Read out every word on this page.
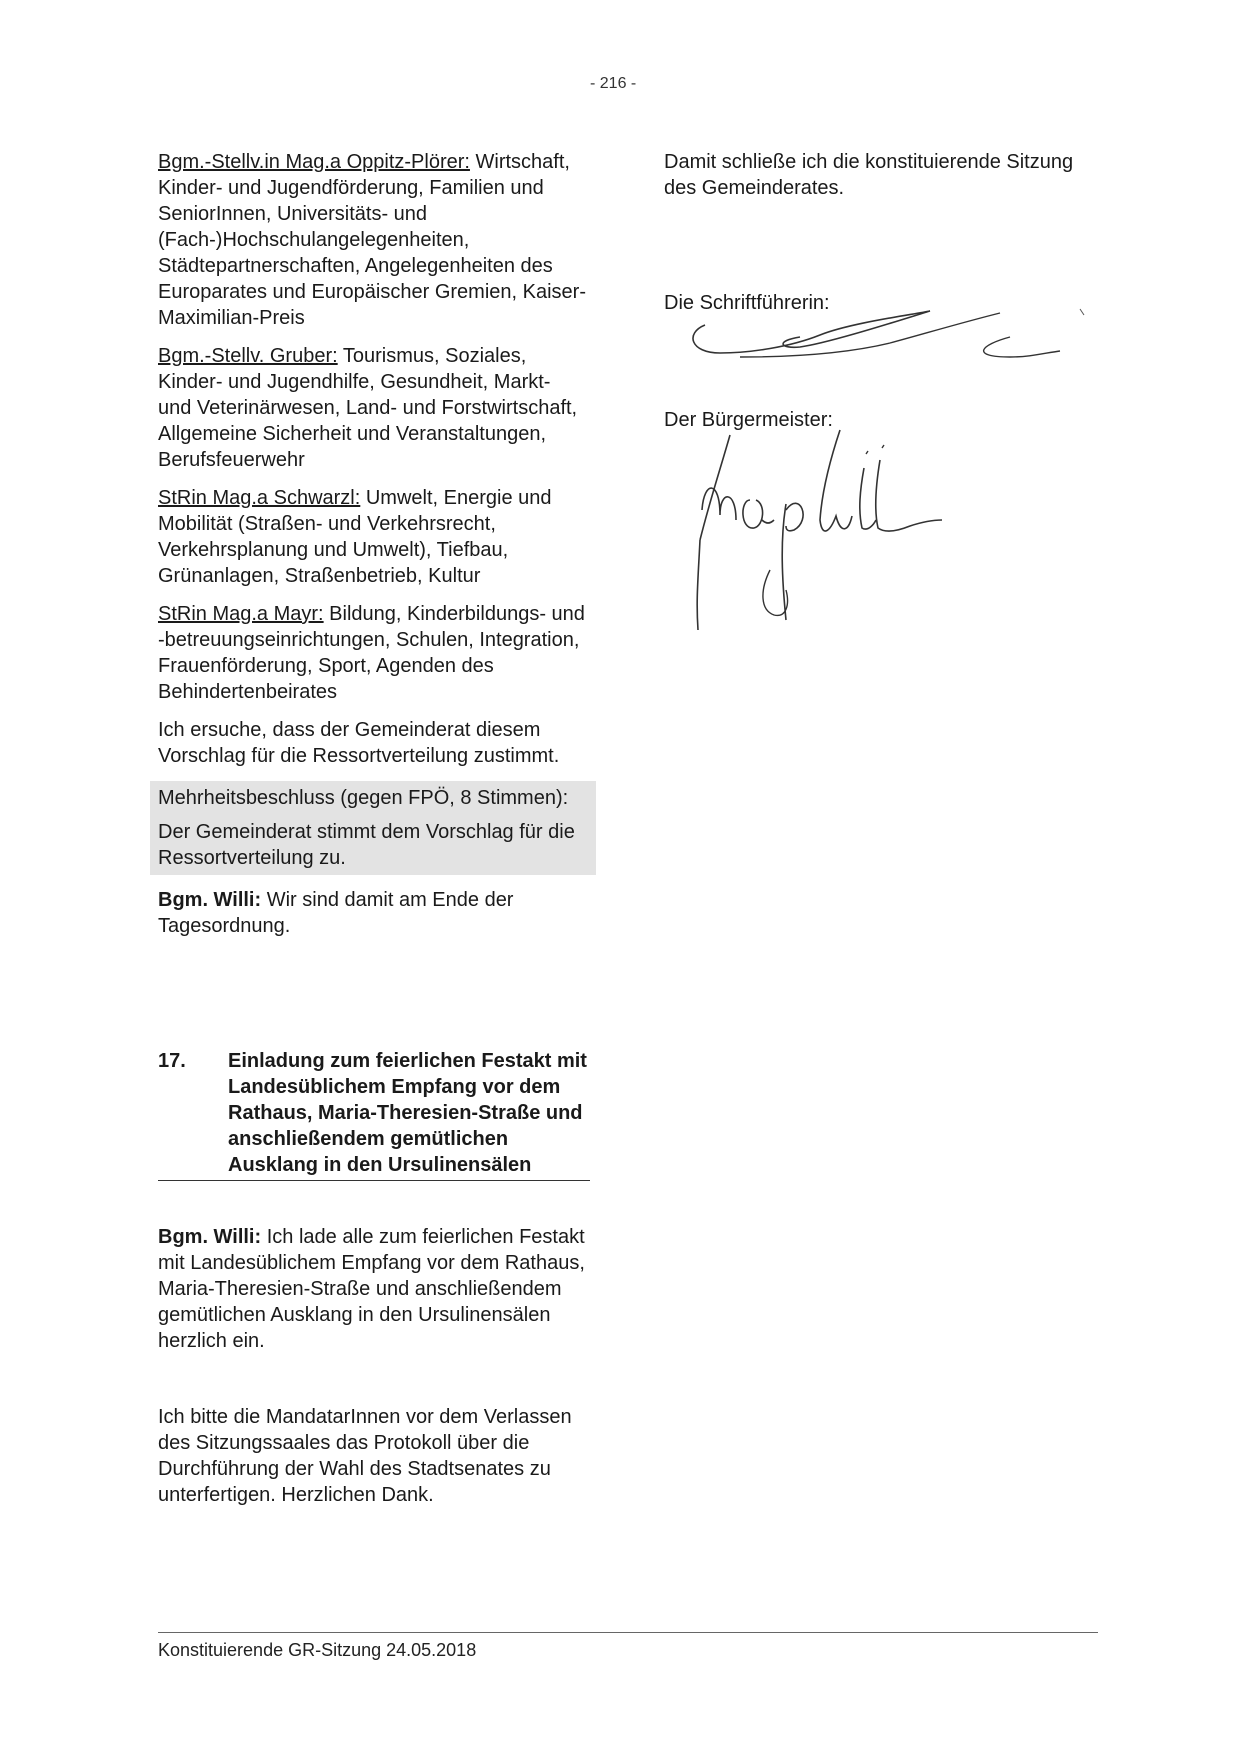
- 216 -

Bgm.-Stellv.in Mag.a Oppitz-Plörer: Wirtschaft, Kinder- und Jugendförderung, Familien und SeniorInnen, Universitäts- und (Fach-)Hochschulangelegenheiten, Städtepartnerschaften, Angelegenheiten des Europarates und Europäischer Gremien, Kaiser-Maximilian-Preis

Bgm.-Stellv. Gruber: Tourismus, Soziales, Kinder- und Jugendhilfe, Gesundheit, Markt- und Veterinärwesen, Land- und Forstwirtschaft, Allgemeine Sicherheit und Veranstaltungen, Berufsfeuerwehr

StRin Mag.a Schwarzl: Umwelt, Energie und Mobilität (Straßen- und Verkehrsrecht, Verkehrsplanung und Umwelt), Tiefbau, Grünanlagen, Straßenbetrieb, Kultur

StRin Mag.a Mayr: Bildung, Kinderbildungs- und -betreuungseinrichtungen, Schulen, Integration, Frauenförderung, Sport, Agenden des Behindertenbeirates

Ich ersuche, dass der Gemeinderat diesem Vorschlag für die Ressortverteilung zustimmt.

Mehrheitsbeschluss (gegen FPÖ, 8 Stimmen):

Der Gemeinderat stimmt dem Vorschlag für die Ressortverteilung zu.

Bgm. Willi: Wir sind damit am Ende der Tagesordnung.

17.	Einladung zum feierlichen Festakt mit Landesüblichem Empfang vor dem Rathaus, Maria-Theresien-Straße und anschließendem gemütlichen Ausklang in den Ursulinensälen
Bgm. Willi: Ich lade alle zum feierlichen Festakt mit Landesüblichem Empfang vor dem Rathaus, Maria-Theresien-Straße und anschließendem gemütlichen Ausklang in den Ursulinensälen herzlich ein.
Ich bitte die MandatarInnen vor dem Verlassen des Sitzungssaales das Protokoll über die Durchführung der Wahl des Stadtsenates zu unterfertigen. Herzlichen Dank.

Damit schließe ich die konstituierende Sitzung des Gemeinderates.

Die Schriftführerin:
Der Bürgermeister:
Konstituierende GR-Sitzung 24.05.2018
